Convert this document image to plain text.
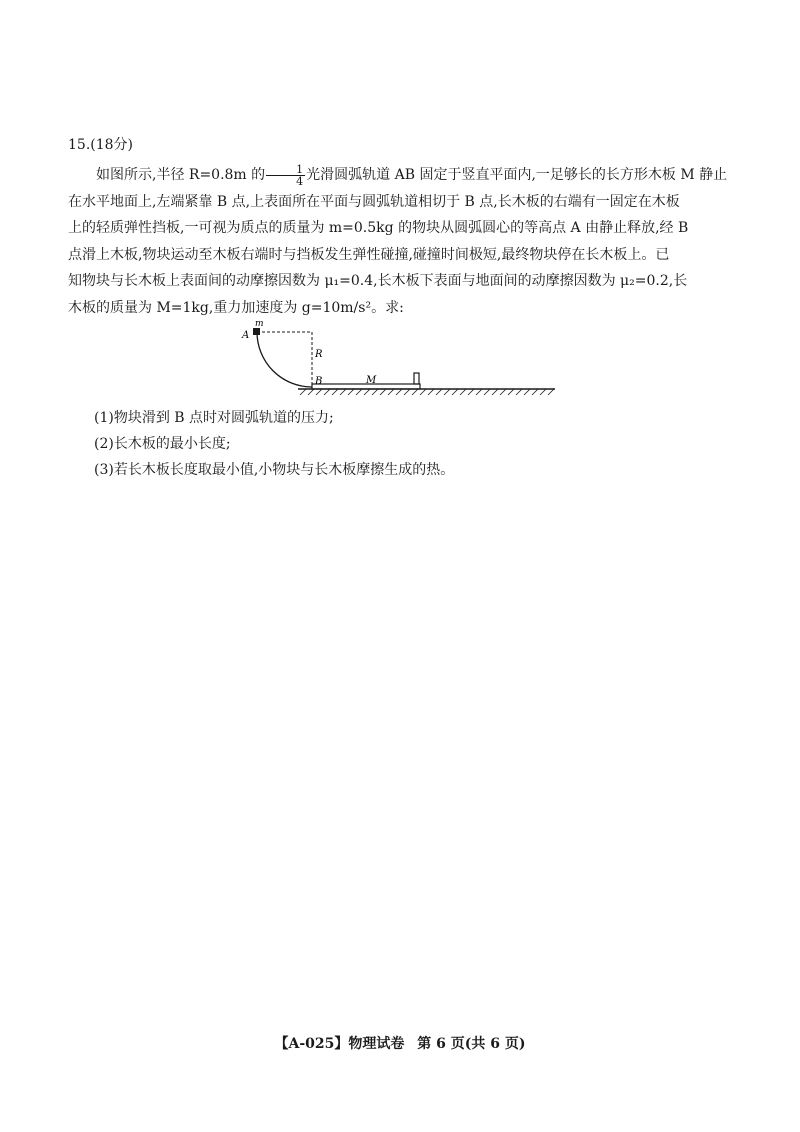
15.(18分)

如图所示,半径 R=0.8m 的 $\frac{1}{4}$ 光滑圆弧轨道 AB 固定于竖直平面内,一足够长的长方形木板 M 静止

在水平地面上,左端紧靠 B 点,上表面所在平面与圆弧轨道相切于 B 点,长木板的右端有一固定在木板

上的轻质弹性挡板,一可视为质点的质量为 m=0.5kg 的物块从圆弧圆心的等高点 A 由静止释放,经 B

点滑上木板,物块运动至木板右端时与挡板发生弹性碰撞,碰撞时间极短,最终物块停在长木板上。已

知物块与长木板上表面间的动摩擦因数为 μ₁=0.4,长木板下表面与地面间的动摩擦因数为 μ₂=0.2,长

木板的质量为 M=1kg,重力加速度为 g=10m/s²。求:

A
m
R
B	M

(1)物块滑到 B 点时对圆弧轨道的压力;

(2)长木板的最小长度;

(3)若长木板长度取最小值,小物块与长木板摩擦生成的热。

【A-025】物理试卷 第 6 页(共 6 页)
